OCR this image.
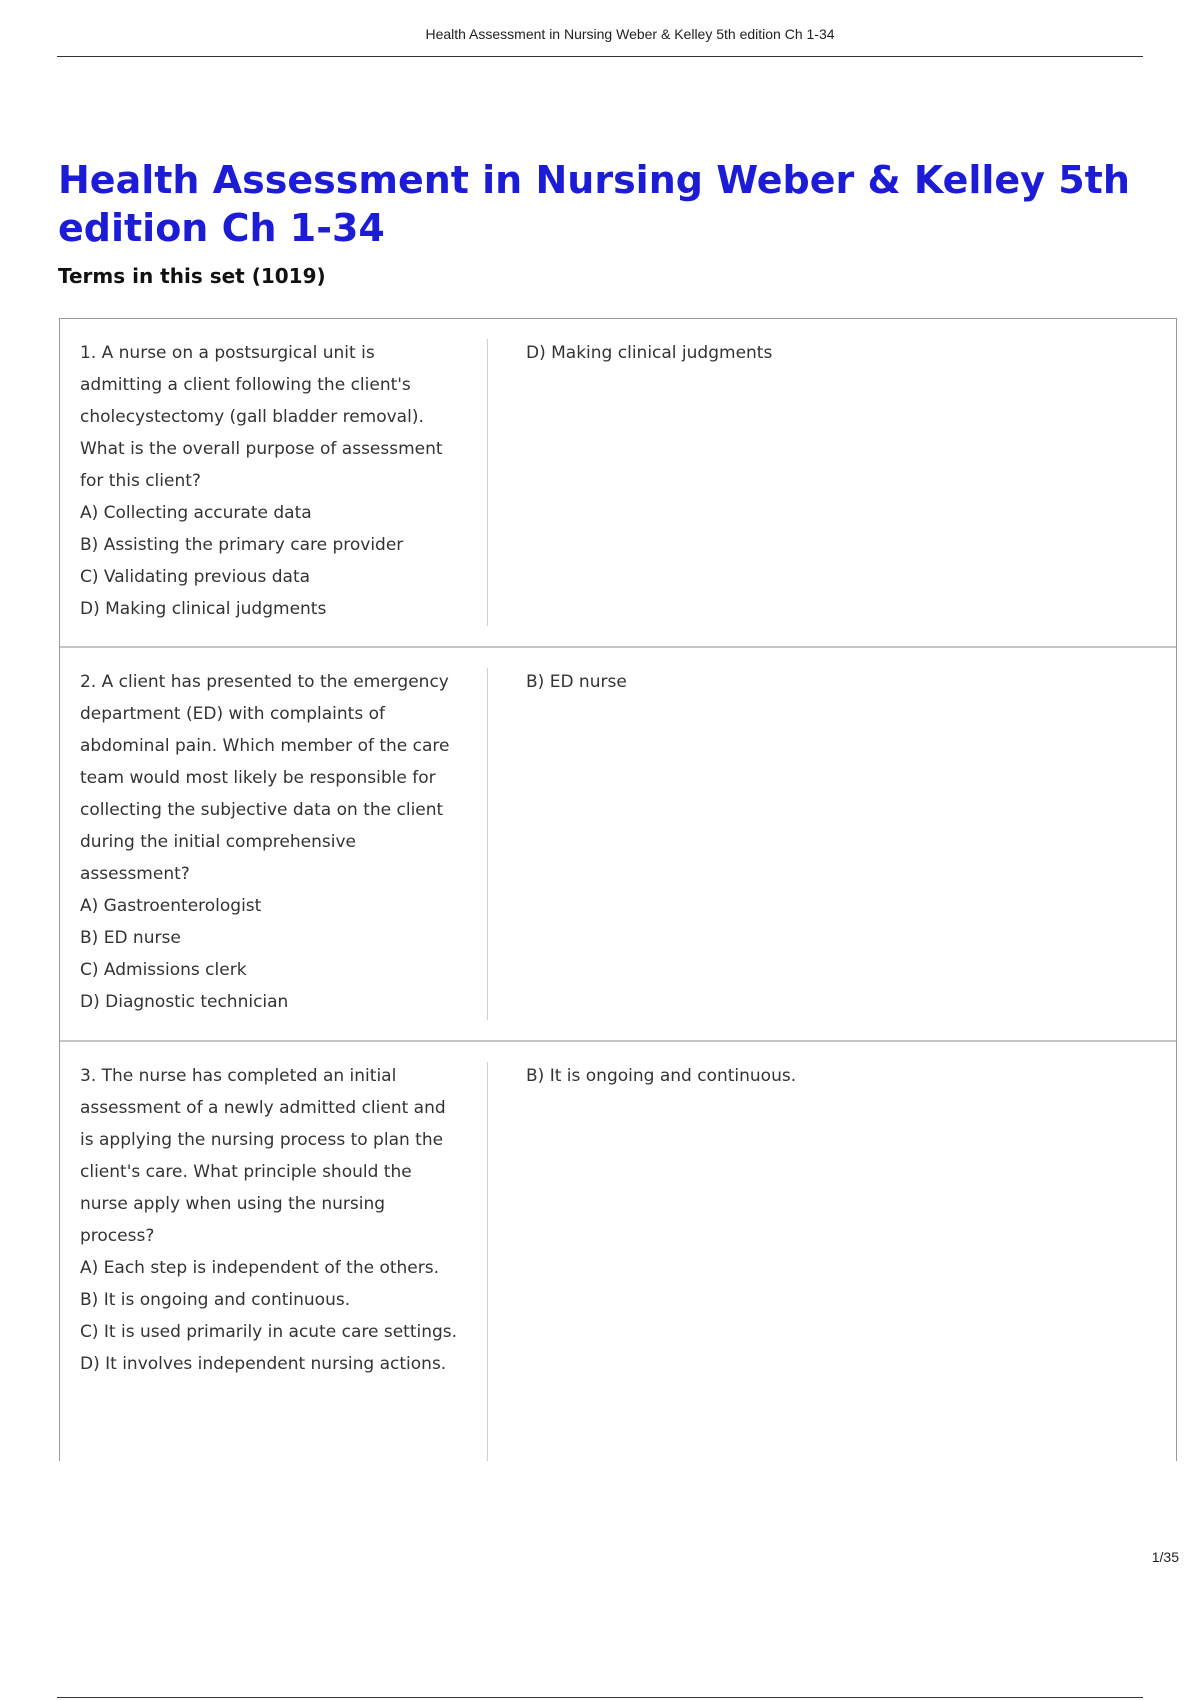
Health Assessment in Nursing Weber & Kelley 5th edition Ch 1-34
Health Assessment in Nursing Weber & Kelley 5th edition Ch 1-34
Terms in this set (1019)
1. A nurse on a postsurgical unit is admitting a client following the client's cholecystectomy (gall bladder removal). What is the overall purpose of assessment for this client?
A) Collecting accurate data
B) Assisting the primary care provider
C) Validating previous data
D) Making clinical judgments
D) Making clinical judgments
2. A client has presented to the emergency department (ED) with complaints of abdominal pain. Which member of the care team would most likely be responsible for collecting the subjective data on the client during the initial comprehensive assessment?
A) Gastroenterologist
B) ED nurse
C) Admissions clerk
D) Diagnostic technician
B) ED nurse
3. The nurse has completed an initial assessment of a newly admitted client and is applying the nursing process to plan the client's care. What principle should the nurse apply when using the nursing process?
A) Each step is independent of the others.
B) It is ongoing and continuous.
C) It is used primarily in acute care settings.
D) It involves independent nursing actions.
B) It is ongoing and continuous.
1/35
